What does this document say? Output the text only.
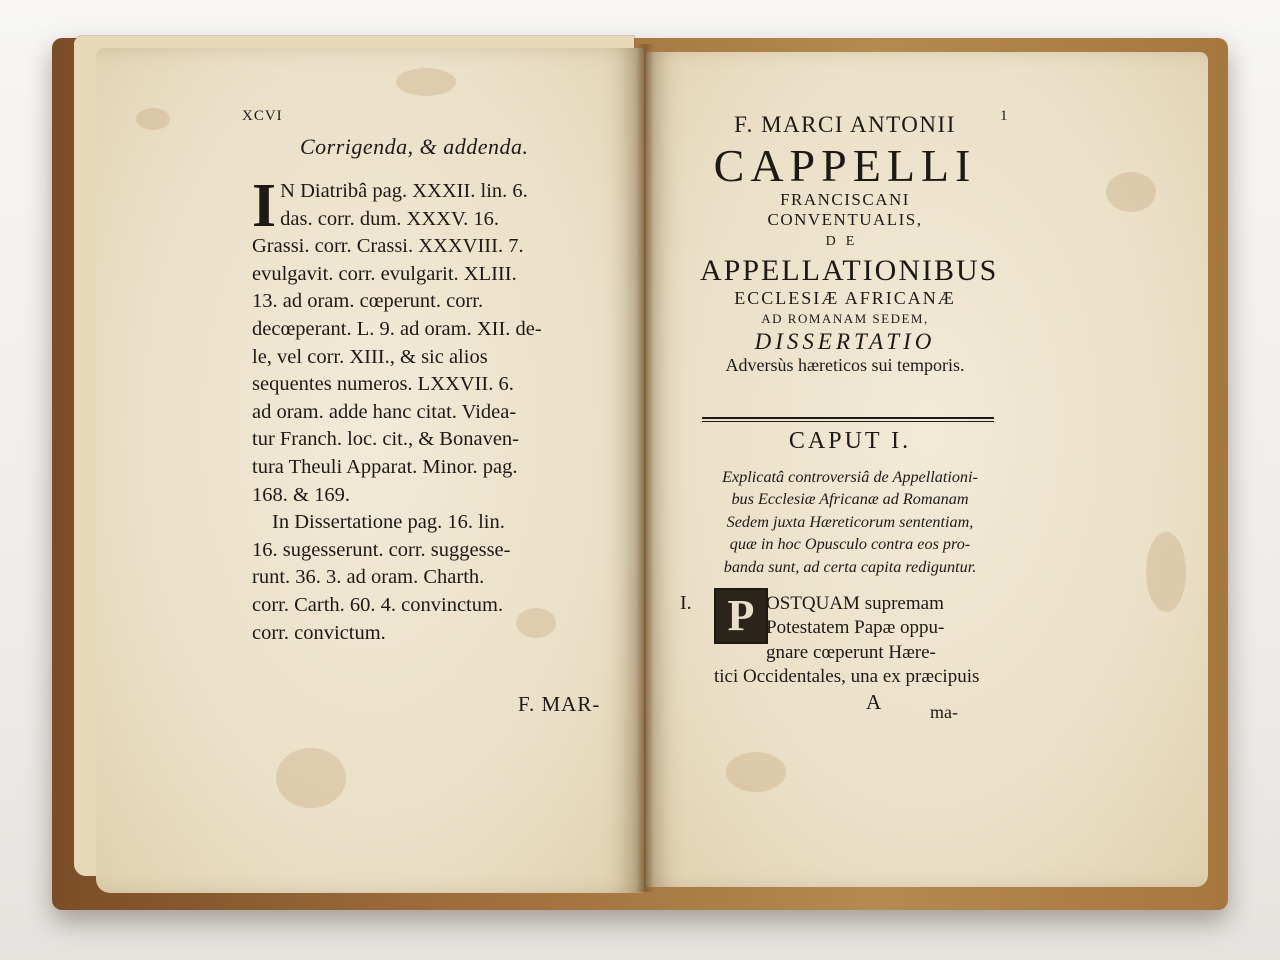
XCVI
Corrigenda, & addenda.
I N Diatribâ pag. XXXII. lin. 6.
das. corr. dum. XXXV. 16.
Grassi. corr. Crassi. XXXVIII. 7.
evulgavit. corr. evulgarit. XLIII.
13. ad oram. cœperunt. corr.
decœperant. L. 9. ad oram. XII. de-
le, vel corr. XIII., & sic alios
sequentes numeros. LXXVII. 6.
ad oram. adde hanc citat. Videa-
tur Franch. loc. cit., & Bonaven-
tura Theuli Apparat. Minor. pag.
168. & 169.
In Dissertatione pag. 16. lin.
16. sugesserunt. corr. suggesse-
runt. 36. 3. ad oram. Charth.
corr. Carth. 60. 4. convinctum.
corr. convictum.
F. MAR-
1
F. MARCI ANTONII
CAPPELLI
FRANCISCANI CONVENTUALIS,
DE
APPELLATIONIBUS
ECCLESIÆ AFRICANÆ
AD ROMANAM SEDEM,
DISSERTATIO
Adversùs hæreticos sui temporis.
CAPUT I.
Explicatâ controversiâ de Appellationi-
bus Ecclesiæ Africanæ ad Romanam
Sedem juxta Hæreticorum sententiam,
quæ in hoc Opusculo contra eos pro-
banda sunt, ad certa capita rediguntur.
I. P OSTQUAM supremam
Potestatem Papæ oppu-
gnare cœperunt Hære-
tici Occidentales, una ex præcipuis
A	ma-
